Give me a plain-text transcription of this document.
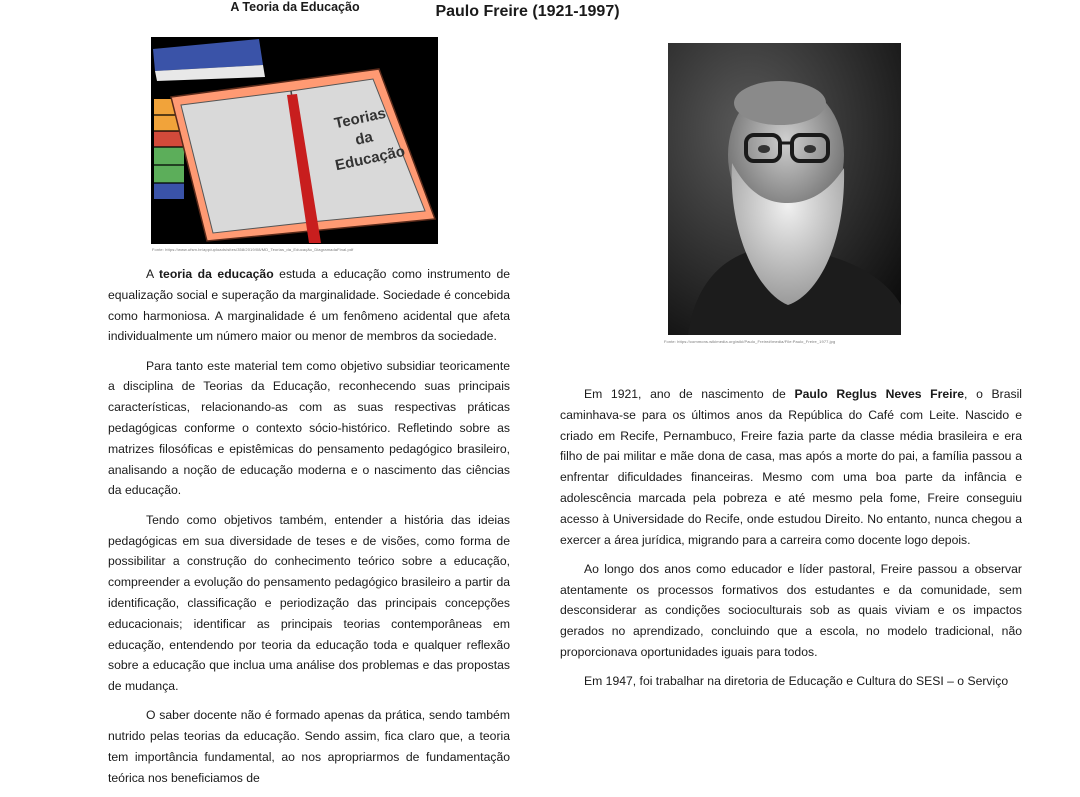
A Teoria da Educação
Teorias
da
Educação
Fonte: https://www.ufsm.br/app/uploads/sites/358/2019/08/MD_Teorias_da_Educação_DiagramadaFinal.pdf

A teoria da educação estuda a educação como instrumento de equalização social e superação da marginalidade. Sociedade é concebida como harmoniosa. A marginalidade é um fenômeno acidental que afeta individualmente um número maior ou menor de membros da sociedade.

Para tanto este material tem como objetivo subsidiar teoricamente a disciplina de Teorias da Educação, reconhecendo suas principais características, relacionando-as com as suas respectivas práticas pedagógicas conforme o contexto sócio-histórico. Refletindo sobre as matrizes filosóficas e epistêmicas do pensamento pedagógico brasileiro, analisando a noção de educação moderna e o nascimento das ciências da educação.

Tendo como objetivos também, entender a história das ideias pedagógicas em sua diversidade de teses e de visões, como forma de possibilitar a construção do conhecimento teórico sobre a educação, compreender a evolução do pensamento pedagógico brasileiro a partir da identificação, classificação e periodização das principais concepções educacionais; identificar as principais teorias contemporâneas em educação, entendendo por teoria da educação toda e qualquer reflexão sobre a educação que inclua uma análise dos problemas e das propostas de mudança.

O saber docente não é formado apenas da prática, sendo também nutrido pelas teorias da educação. Sendo assim, fica claro que, a teoria tem importância fundamental, ao nos apropriarmos de fundamentação teórica nos beneficiamos de

Paulo Freire (1921-1997)
Fonte: https://commons.wikimedia.org/wiki/Paulo_Freire#/media/File:Paulo_Freire_1977.jpg

Em 1921, ano de nascimento de Paulo Reglus Neves Freire, o Brasil caminhava-se para os últimos anos da República do Café com Leite. Nascido e criado em Recife, Pernambuco, Freire fazia parte da classe média brasileira e era filho de pai militar e mãe dona de casa, mas após a morte do pai, a família passou a enfrentar dificuldades financeiras. Mesmo com uma boa parte da infância e adolescência marcada pela pobreza e até mesmo pela fome, Freire conseguiu acesso à Universidade do Recife, onde estudou Direito. No entanto, nunca chegou a exercer a área jurídica, migrando para a carreira como docente logo depois.

Ao longo dos anos como educador e líder pastoral, Freire passou a observar atentamente os processos formativos dos estudantes e da comunidade, sem desconsiderar as condições socioculturais sob as quais viviam e os impactos gerados no aprendizado, concluindo que a escola, no modelo tradicional, não proporcionava oportunidades iguais para todos.

Em 1947, foi trabalhar na diretoria de Educação e Cultura do SESI – o Serviço
